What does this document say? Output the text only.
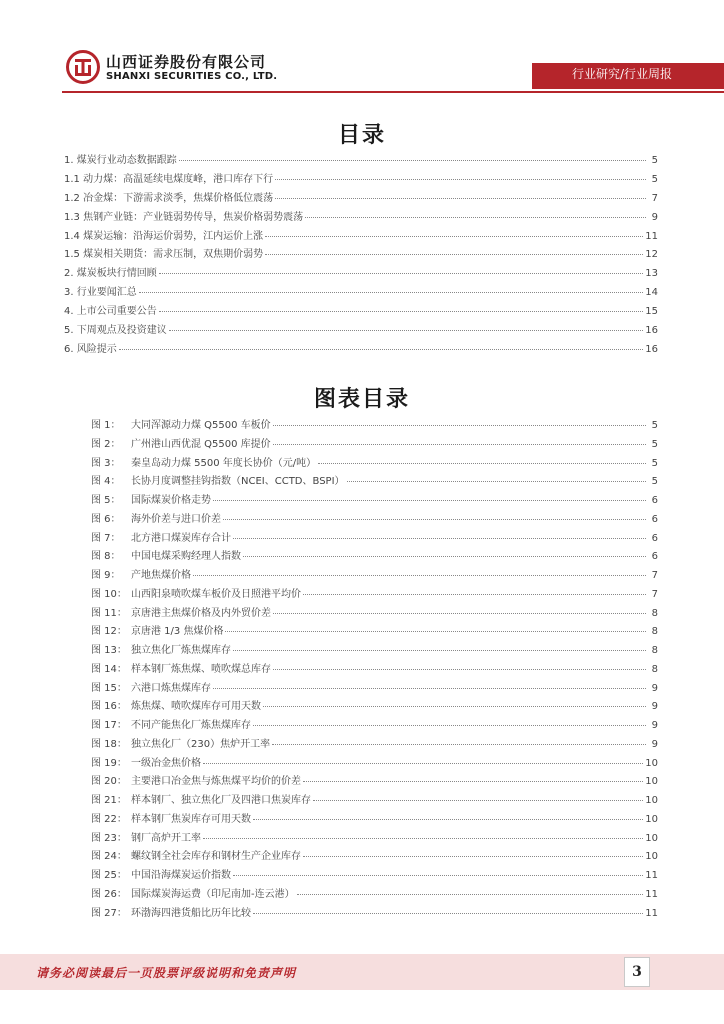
山西证券股份有限公司
SHANXI SECURITIES CO., LTD.	行业研究/行业周报
目录
1. 煤炭行业动态数据跟踪	5
1.1 动力煤：高温延续电煤度峰，港口库存下行	5
1.2 冶金煤：下游需求淡季，焦煤价格低位震荡	7
1.3 焦钢产业链：产业链弱势传导，焦炭价格弱势震荡	9
1.4 煤炭运输：沿海运价弱势，江内运价上涨	11
1.5 煤炭相关期货：需求压制，双焦期价弱势	12
2. 煤炭板块行情回顾	13
3. 行业要闻汇总	14
4. 上市公司重要公告	15
5. 下周观点及投资建议	16
6. 风险提示	16
图表目录
图 1：	大同浑源动力煤 Q5500 车板价	5
图 2：	广州港山西优混 Q5500 库提价	5
图 3：	秦皇岛动力煤 5500 年度长协价（元/吨）	5
图 4：	长协月度调整挂钩指数（NCEI、CCTD、BSPI）	5
图 5：	国际煤炭价格走势	6
图 6：	海外价差与进口价差	6
图 7：	北方港口煤炭库存合计	6
图 8：	中国电煤采购经理人指数	6
图 9：	产地焦煤价格	7
图 10： 山西阳泉喷吹煤车板价及日照港平均价	7
图 11： 京唐港主焦煤价格及内外贸价差	8
图 12： 京唐港 1/3 焦煤价格	8
图 13： 独立焦化厂炼焦煤库存	8
图 14： 样本钢厂炼焦煤、喷吹煤总库存	8
图 15： 六港口炼焦煤库存	9
图 16： 炼焦煤、喷吹煤库存可用天数	9
图 17： 不同产能焦化厂炼焦煤库存	9
图 18： 独立焦化厂（230）焦炉开工率	9
图 19： 一级冶金焦价格	10
图 20： 主要港口冶金焦与炼焦煤平均价的价差	10
图 21： 样本钢厂、独立焦化厂及四港口焦炭库存	10
图 22： 样本钢厂焦炭库存可用天数	10
图 23： 钢厂高炉开工率	10
图 24： 螺纹钢全社会库存和钢材生产企业库存	10
图 25： 中国沿海煤炭运价指数	11
图 26： 国际煤炭海运费（印尼南加-连云港）	11
图 27： 环渤海四港货船比历年比较	11
请务必阅读最后一页股票评级说明和免责声明	3
